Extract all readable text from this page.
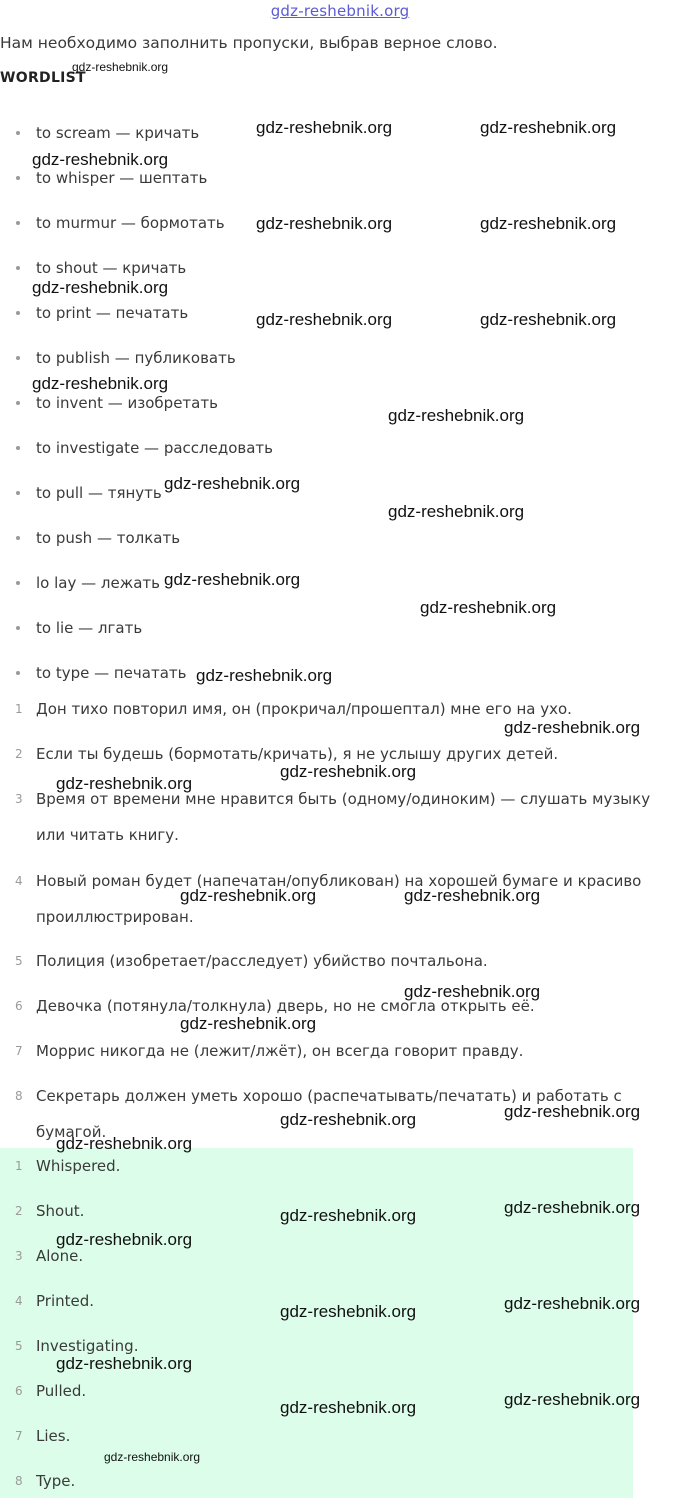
gdz-reshebnik.org

Нам необходимо заполнить пропуски, выбрав верное слово.

WORDLIST
to scream — кричать
to whisper — шептать
to murmur — бормотать
to shout — кричать
to print — печатать
to publish — публиковать
to invent — изобретать
to investigate — расследовать
to pull — тянуть
to push — толкать
lo lay — лежать
to lie — лгать
to type — печатать
1 Дон тихо повторил имя, он (прокричал/прошептал) мне его на ухо.
2 Если ты будешь (бормотать/кричать), я не услышу других детей.
3 Время от времени мне нравится быть (одному/одиноким) — слушать музыку или читать книгу.
4 Новый роман будет (напечатан/опубликован) на хорошей бумаге и красиво проиллюстрирован.
5 Полиция (изобретает/расследует) убийство почтальона.
6 Девочка (потянула/толкнула) дверь, но не смогла открыть её.
7 Моррис никогда не (лежит/лжёт), он всегда говорит правду.
8 Секретарь должен уметь хорошо (распечатывать/печатать) и работать с бумагой.
1 Whispered.
2 Shout.
3 Alone.
4 Printed.
5 Investigating.
6 Pulled.
7 Lies.
8 Type.
gdz-reshebnik.org
gdz-reshebnik.org	gdz-reshebnik.org
gdz-reshebnik.org
gdz-reshebnik.org	gdz-reshebnik.org
gdz-reshebnik.org
gdz-reshebnik.org	gdz-reshebnik.org
gdz-reshebnik.org
gdz-reshebnik.org
gdz-reshebnik.org
gdz-reshebnik.org
gdz-reshebnik.org
gdz-reshebnik.org
gdz-reshebnik.org
gdz-reshebnik.org
gdz-reshebnik.org
gdz-reshebnik.org
gdz-reshebnik.org	gdz-reshebnik.org
gdz-reshebnik.org
gdz-reshebnik.org
gdz-reshebnik.org
gdz-reshebnik.org
gdz-reshebnik.org
gdz-reshebnik.org
gdz-reshebnik.org
gdz-reshebnik.org
gdz-reshebnik.org
gdz-reshebnik.org
gdz-reshebnik.org
gdz-reshebnik.org
gdz-reshebnik.org
gdz-reshebnik.org
